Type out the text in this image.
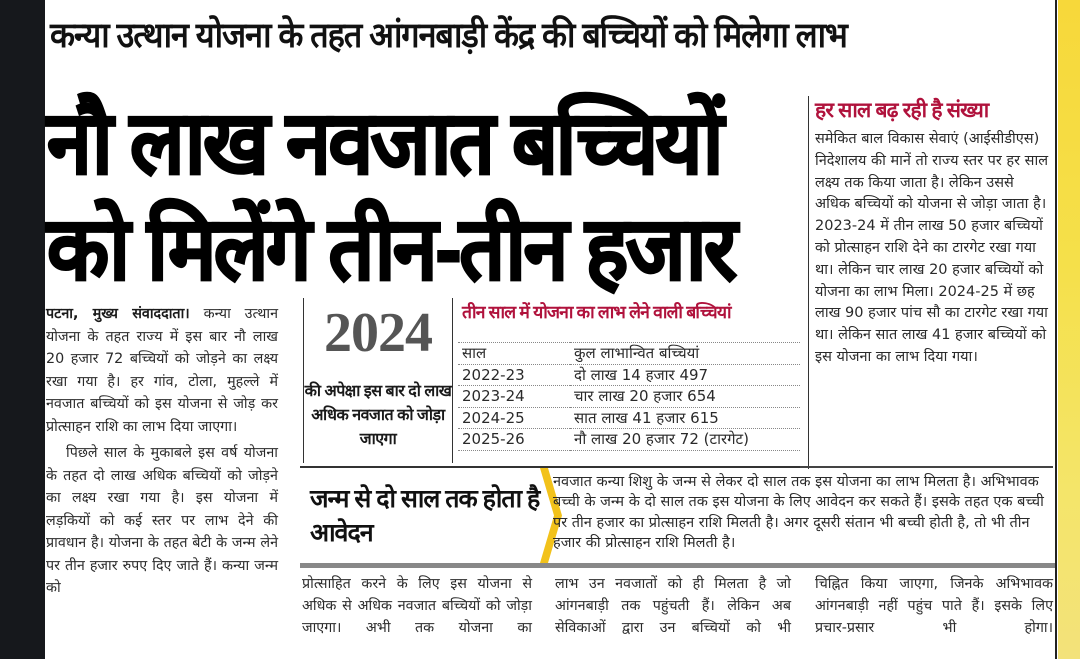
कन्या उत्थान योजना के तहत आंगनबाड़ी केंद्र की बच्चियों को मिलेगा लाभ
नौ लाख नवजात बच्चियों
को मिलेंगे तीन-तीन हजार
हर साल बढ़ रही है संख्या
समेकित बाल विकास सेवाएं (आईसीडीएस) निदेशालय की मानें तो राज्य स्तर पर हर साल लक्ष्य तक किया जाता है। लेकिन उससे अधिक बच्चियों को योजना से जोड़ा जाता है। 2023-24 में तीन लाख 50 हजार बच्चियों को प्रोत्साहन राशि देने का टारगेट रखा गया था। लेकिन चार लाख 20 हजार बच्चियों को योजना का लाभ मिला। 2024-25 में छह लाख 90 हजार पांच सौ का टारगेट रखा गया था। लेकिन सात लाख 41 हजार बच्चियों को इस योजना का लाभ दिया गया।

पटना, मुख्य संवाददाता। कन्या उत्थान योजना के तहत राज्य में इस बार नौ लाख 20 हजार 72 बच्चियों को जोड़ने का लक्ष्य रखा गया है। हर गांव, टोला, मुहल्ले में नवजात बच्चियों को इस योजना से जोड़ कर प्रोत्साहन राशि का लाभ दिया जाएगा।

पिछले साल के मुकाबले इस वर्ष योजना के तहत दो लाख अधिक बच्चियों को जोड़ने का लक्ष्य रखा गया है। इस योजना में लड़कियों को कई स्तर पर लाभ देने की प्रावधान है। योजना के तहत बेटी के जन्म लेने पर तीन हजार रुपए दिए जाते हैं। कन्या जन्म को

2024
की अपेक्षा इस बार दो लाख अधिक नवजात को जोड़ा जाएगा
तीन साल में योजना का लाभ लेने वाली बच्चियां
साल	कुल लाभान्वित बच्चियां
2022-23	दो लाख 14 हजार 497
2023-24	चार लाख 20 हजार 654
2024-25	सात लाख 41 हजार 615
2025-26	नौ लाख 20 हजार 72 (टारगेट)
जन्म से दो साल तक होता है आवेदन
नवजात कन्या शिशु के जन्म से लेकर दो साल तक इस योजना का लाभ मिलता है। अभिभावक बच्ची के जन्म के दो साल तक इस योजना के लिए आवेदन कर सकते हैं। इसके तहत एक बच्ची पर तीन हजार का प्रोत्साहन राशि मिलती है। अगर दूसरी संतान भी बच्ची होती है, तो भी तीन हजार की प्रोत्साहन राशि मिलती है।
प्रोत्साहित करने के लिए इस योजना से अधिक से अधिक नवजात बच्चियों को जोड़ा जाएगा। अभी तक योजना का
लाभ उन नवजातों को ही मिलता है जो आंगनबाड़ी तक पहुंचती हैं। लेकिन अब सेविकाओं द्वारा उन बच्चियों को भी
चिह्नित किया जाएगा, जिनके अभिभावक आंगनबाड़ी नहीं पहुंच पाते हैं। इसके लिए प्रचार-प्रसार भी होगा।
